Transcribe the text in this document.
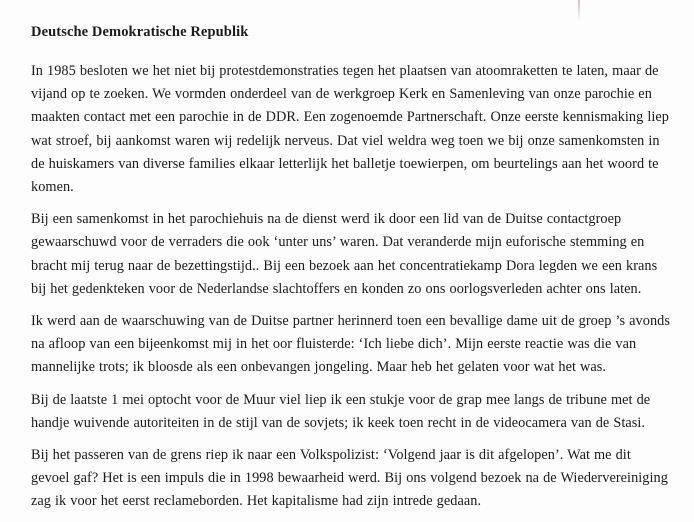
Deutsche Demokratische Republik

In 1985 besloten we het niet bij protestdemonstraties tegen het plaatsen van atoomraketten te laten, maar de vijand op te zoeken. We vormden onderdeel van de werkgroep Kerk en Samenleving van onze parochie en maakten contact met een parochie in de DDR. Een zogenoemde Partnerschaft. Onze eerste kennismaking liep wat stroef, bij aankomst waren wij redelijk nerveus. Dat viel weldra weg toen we bij onze samenkomsten in de huiskamers van diverse families elkaar letterlijk het balletje toewierpen, om beurtelings aan het woord te komen.

Bij een samenkomst in het parochiehuis na de dienst werd ik door een lid van de Duitse contactgroep gewaarschuwd voor de verraders die ook ‘unter uns’ waren. Dat veranderde mijn euforische stemming en bracht mij terug naar de bezettingstijd.. Bij een bezoek aan het concentratiekamp Dora legden we een krans bij het gedenkteken voor de Nederlandse slachtoffers en konden zo ons oorlogsverleden achter ons laten.

Ik werd aan de waarschuwing van de Duitse partner herinnerd toen een bevallige dame uit de groep ’s avonds na afloop van een bijeenkomst mij in het oor fluisterde: ‘Ich liebe dich’. Mijn eerste reactie was die van mannelijke trots; ik bloosde als een onbevangen jongeling. Maar heb het gelaten voor wat het was.

Bij de laatste 1 mei optocht voor de Muur viel liep ik een stukje voor de grap mee langs de tribune met de handje wuivende autoriteiten in de stijl van de sovjets; ik keek toen recht in de videocamera van de Stasi.

Bij het passeren van de grens riep ik naar een Volkspolizist: ‘Volgend jaar is dit afgelopen’. Wat me dit gevoel gaf? Het is een impuls die in 1998 bewaarheid werd. Bij ons volgend bezoek na de Wiedervereiniging zag ik voor het eerst reclameborden. Het kapitalisme had zijn intrede gedaan.
